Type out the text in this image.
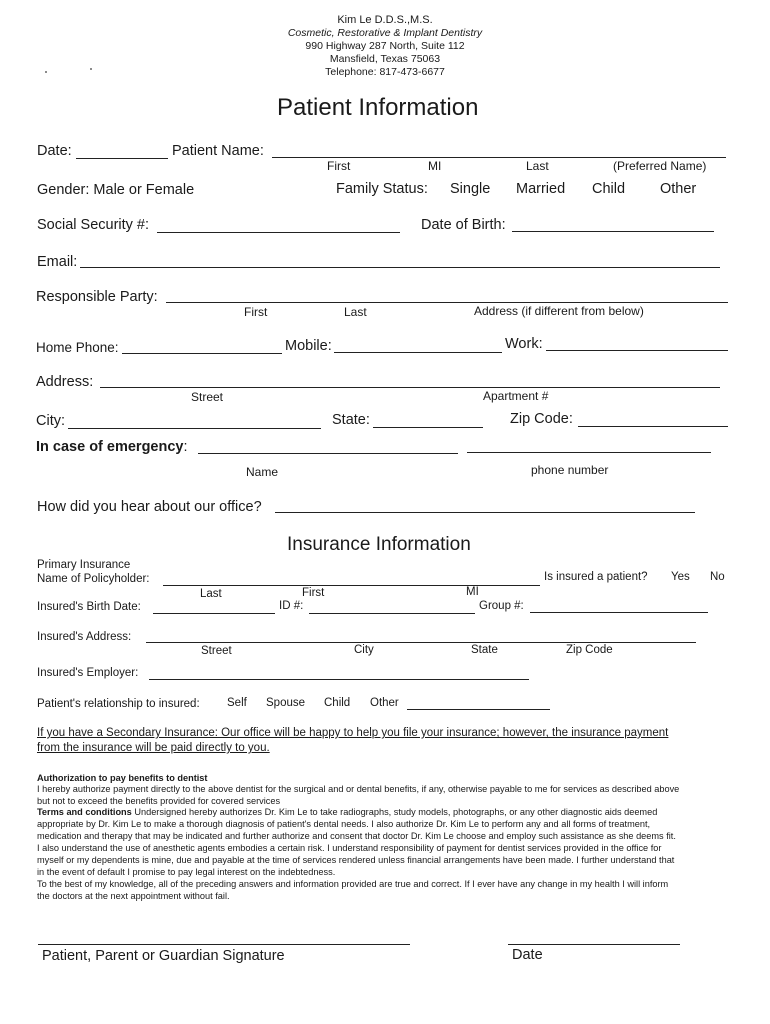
Kim Le D.D.S.,M.S.
Cosmetic, Restorative & Implant Dentistry
990 Highway 287 North, Suite 112
Mansfield, Texas 75063
Telephone: 817-473-6677
Patient Information
Date:	Patient Name:
First	MI	Last	(Preferred Name)
Gender: Male or Female	Family Status: Single Married Child Other
Social Security #:	Date of Birth:
Email:
Responsible Party:
First	Last	Address (if different from below)
Home Phone:	Mobile:	Work:
Address:
Street	Apartment #
City:	State:	Zip Code:
In case of emergency:
Name	phone number
How did you hear about our office?
Insurance Information
Primary Insurance
Name of Policyholder:	Is insured a patient? Yes No
Last	First	MI
Insured's Birth Date:	ID #:	Group #:
Insured's Address:
Street	City	State	Zip Code
Insured's Employer:
Patient's relationship to insured: Self Spouse Child Other
If you have a Secondary Insurance: Our office will be happy to help you file your insurance; however, the insurance payment
from the insurance will be paid directly to you.
Authorization to pay benefits to dentist
I hereby authorize payment directly to the above dentist for the surgical and or dental benefits, if any, otherwise payable to me for services as described above
but not to exceed the benefits provided for covered services
Terms and conditions Undersigned hereby authorizes Dr. Kim Le to take radiographs, study models, photographs, or any other diagnostic aids deemed
appropriate by Dr. Kim Le to make a thorough diagnosis of patient's dental needs. I also authorize Dr. Kim Le to perform any and all forms of treatment,
medication and therapy that may be indicated and further authorize and consent that doctor Dr. Kim Le choose and employ such assistance as she deems fit.
I also understand the use of anesthetic agents embodies a certain risk. I understand responsibility of payment for dentist services provided in the office for
myself or my dependents is mine, due and payable at the time of services rendered unless financial arrangements have been made. I further understand that
in the event of default I promise to pay legal interest on the indebtedness.
To the best of my knowledge, all of the preceding answers and information provided are true and correct. If I ever have any change in my health I will inform
the doctors at the next appointment without fail.
Patient, Parent or Guardian Signature	Date
